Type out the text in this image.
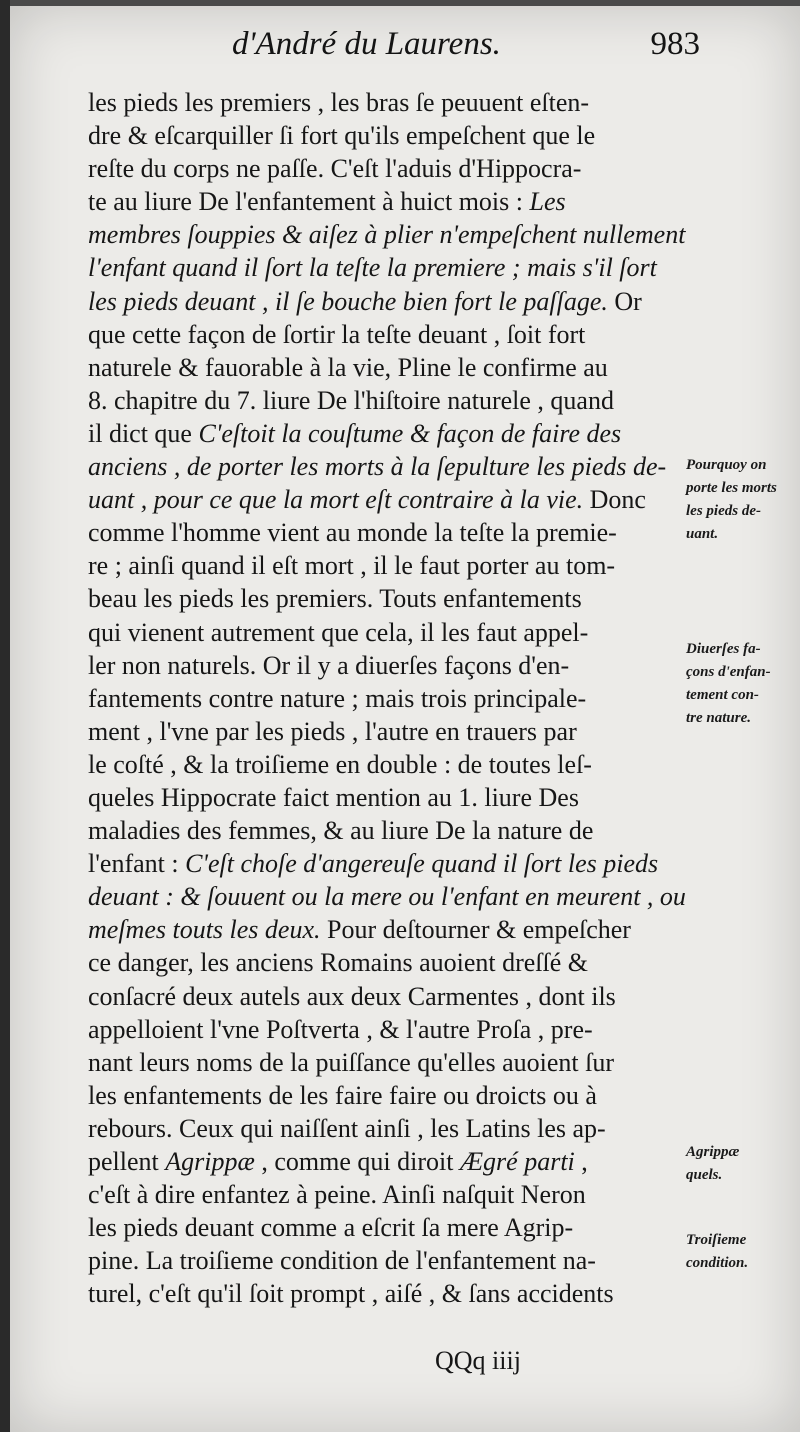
d'André du Laurens.	983
les pieds les premiers , les bras ſe peuuent eſten-
dre & eſcarquiller ſi fort qu'ils empeſchent que le
reſte du corps ne paſſe. C'eſt l'aduis d'Hippocra-
te au liure De l'enfantement à huict mois : Les
membres ſouppies & aiſez à plier n'empeſchent nullement
l'enfant quand il ſort la teſte la premiere ; mais s'il ſort
les pieds deuant , il ſe bouche bien fort le paſſage. Or
que cette façon de ſortir la teſte deuant , ſoit fort
naturele & fauorable à la vie, Pline le confirme au
8. chapitre du 7. liure De l'hiſtoire naturele , quand
il dict que C'eſtoit la couſtume & façon de faire des
anciens , de porter les morts à la ſepulture les pieds de-
uant , pour ce que la mort eſt contraire à la vie. Donc
comme l'homme vient au monde la teſte la premie-
re ; ainſi quand il eſt mort , il le faut porter au tom-
beau les pieds les premiers. Touts enfantements
qui vienent autrement que cela, il les faut appel-
ler non naturels. Or il y a diuerſes façons d'en-
fantements contre nature ; mais trois principale-
ment , l'vne par les pieds , l'autre en trauers par
le coſté , & la troiſieme en double : de toutes leſ-
queles Hippocrate faict mention au 1. liure Des
maladies des femmes, & au liure De la nature de
l'enfant : C'eſt choſe d'angereuſe quand il ſort les pieds
deuant : & ſouuent ou la mere ou l'enfant en meurent , ou
meſmes touts les deux. Pour deſtourner & empeſcher
ce danger, les anciens Romains auoient dreſſé &
conſacré deux autels aux deux Carmentes , dont ils
appelloient l'vne Poſtverta , & l'autre Proſa , pre-
nant leurs noms de la puiſſance qu'elles auoient ſur
les enfantements de les faire faire ou droicts ou à
rebours. Ceux qui naiſſent ainſi , les Latins les ap-
pellent Agrippæ , comme qui diroit Ægré parti ,
c'eſt à dire enfantez à peine. Ainſi naſquit Neron
les pieds deuant comme a eſcrit ſa mere Agrip-
pine. La troiſieme condition de l'enfantement na-
turel, c'eſt qu'il ſoit prompt , aiſé , & ſans accidents
Pourquoy on
porte les morts
les pieds de-
uant.
Diuerſes fa-
çons d'enfan-
tement con-
tre nature.
Agrippæ
quels.
Troiſieme
condition.
QQq iiij
